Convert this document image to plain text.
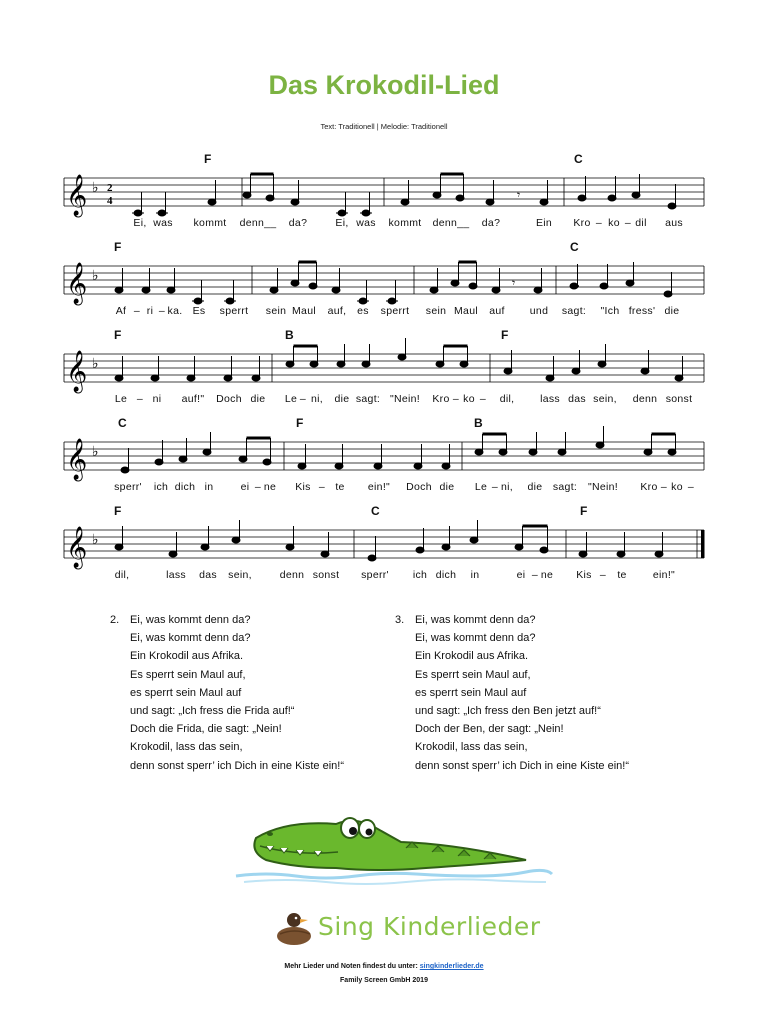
Das Krokodil-Lied
Text: Traditionell | Melodie: Traditionell
𝄞 ♭ 2
4	𝄾
F	C
Ei, was kommt denn__ da?	Ei, was kommt denn__ da?	Ein Kro – ko – dil aus
𝄞 ♭	𝄾
F	C
Af – ri – ka. Es sperrt sein Maul auf, es sperrt sein Maul auf und sagt: "Ich fress' die
𝄞 ♭
F	B	F
Le – ni auf!" Doch die Le – ni, die sagt: "Nein! Kro – ko – dil, lass das sein, denn sonst
𝄞 ♭
C	F	B
sperr' ich dich in	ei – ne Kis – te ein!" Doch die Le – ni, die sagt: "Nein! Kro – ko –
𝄞 ♭
F	C	F
dil,	lass das sein,	denn sonst sperr' ich dich in	ei – ne Kis – te ein!"
2. Ei, was kommt denn da?
Ei, was kommt denn da?
Ein Krokodil aus Afrika.
Es sperrt sein Maul auf,
es sperrt sein Maul auf
und sagt: „Ich fress die Frida auf!“
Doch die Frida, die sagt: „Nein!
Krokodil, lass das sein,
denn sonst sperr’ ich Dich in eine Kiste ein!“
3. Ei, was kommt denn da?
Ei, was kommt denn da?
Ein Krokodil aus Afrika.
Es sperrt sein Maul auf,
es sperrt sein Maul auf
und sagt: „Ich fress den Ben jetzt auf!“
Doch der Ben, der sagt: „Nein!
Krokodil, lass das sein,
denn sonst sperr’ ich Dich in eine Kiste ein!“
Sing Kinderlieder
Mehr Lieder und Noten findest du unter: singkinderlieder.de
Family Screen GmbH 2019
